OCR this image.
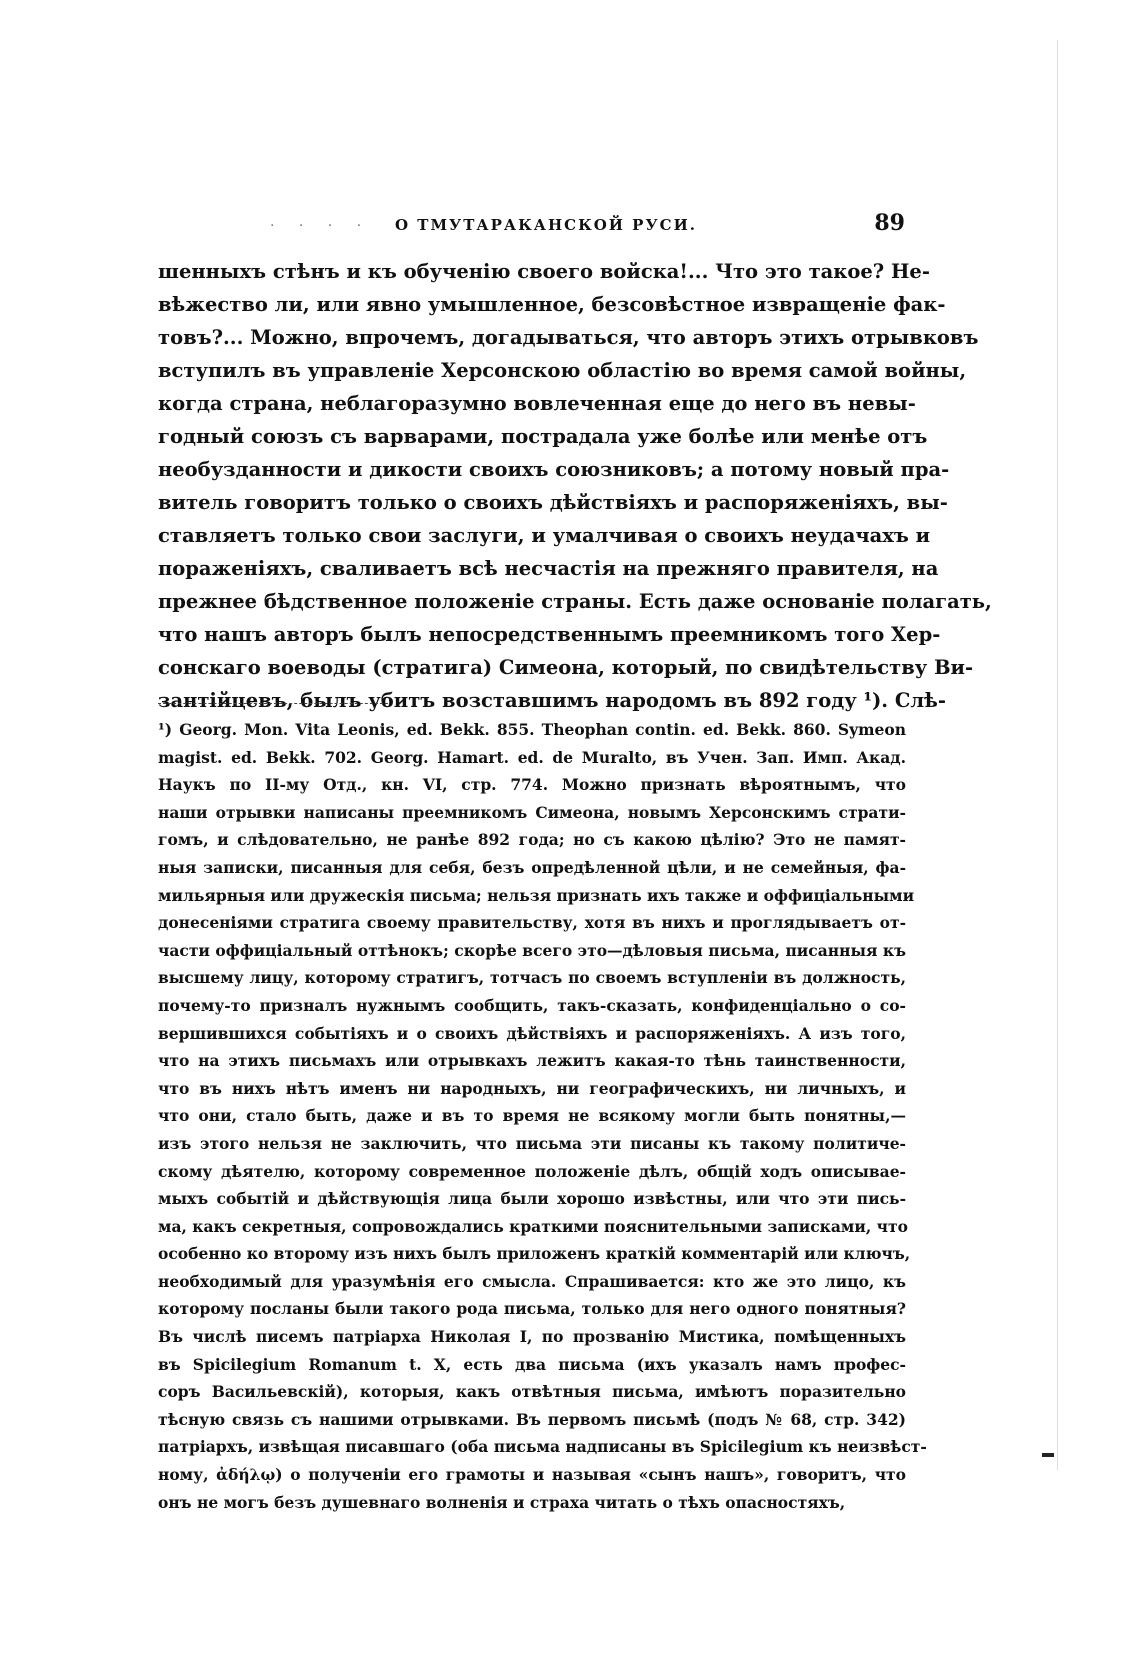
· · · · О ТМУТАРАКАНСКОЙ РУСИ.	89
шенныхъ стѣнъ и къ обученію своего войска!... Что это такое? Не-
вѣжество ли, или явно умышленное, безсовѣстное извращеніе фак-
товъ?... Можно, впрочемъ, догадываться, что авторъ этихъ отрывковъ
вступилъ въ управленіе Херсонскою областію во время самой войны,
когда страна, неблагоразумно вовлеченная еще до него въ невы-
годный союзъ съ варварами, пострадала уже болѣе или менѣе отъ
необузданности и дикости своихъ союзниковъ; а потому новый пра-
витель говоритъ только о своихъ дѣйствіяхъ и распоряженіяхъ, вы-
ставляетъ только свои заслуги, и умалчивая о своихъ неудачахъ и
пораженіяхъ, сваливаетъ всѣ несчастія на прежняго правителя, на
прежнее бѣдственное положеніе страны. Есть даже основаніе полагать,
что нашъ авторъ былъ непосредственнымъ преемникомъ того Хер-
сонскаго воеводы (стратига) Симеона, который, по свидѣтельству Ви-
зантійцевъ, былъ убитъ возставшимъ народомъ въ 892 году ¹). Слѣ-
¹) Georg. Mon. Vita Leonis, ed. Bekk. 855. Theophan contin. ed. Bekk. 860. Symeon
magist. ed. Bekk. 702. Georg. Hamart. ed. de Muralto, въ Учен. Зап. Имп. Акад.
Наукъ по II-му Отд., кн. VI, стр. 774. Можно признать вѣроятнымъ, что
наши отрывки написаны преемникомъ Симеона, новымъ Херсонскимъ страти-
гомъ, и слѣдовательно, не ранѣе 892 года; но съ какою цѣлію? Это не памят-
ныя записки, писанныя для себя, безъ опредѣленной цѣли, и не семейныя, фа-
мильярныя или дружескія письма; нельзя признать ихъ также и оффиціальными
донесеніями стратига своему правительству, хотя въ нихъ и проглядываетъ от-
части оффиціальный оттѣнокъ; скорѣе всего это—дѣловыя письма, писанныя къ
высшему лицу, которому стратигъ, тотчасъ по своемъ вступленіи въ должность,
почему-то призналъ нужнымъ сообщить, такъ-сказать, конфиденціально о со-
вершившихся событіяхъ и о своихъ дѣйствіяхъ и распоряженіяхъ. А изъ того,
что на этихъ письмахъ или отрывкахъ лежитъ какая-то тѣнь таинственности,
что въ нихъ нѣтъ именъ ни народныхъ, ни географическихъ, ни личныхъ, и
что они, стало быть, даже и въ то время не всякому могли быть понятны,—
изъ этого нельзя не заключить, что письма эти писаны къ такому политиче-
скому дѣятелю, которому современное положеніе дѣлъ, общій ходъ описывае-
мыхъ событій и дѣйствующія лица были хорошо извѣстны, или что эти пись-
ма, какъ секретныя, сопровождались краткими пояснительными записками, что
особенно ко второму изъ нихъ былъ приложенъ краткій комментарій или ключъ,
необходимый для уразумѣнія его смысла. Спрашивается: кто же это лицо, къ
которому посланы были такого рода письма, только для него одного понятныя?
Въ числѣ писемъ патріарха Николая I, по прозванію Мистика, помѣщенныхъ
въ Spicilegium Romanum t. X, есть два письма (ихъ указалъ намъ профес-
соръ Васильевскій), которыя, какъ отвѣтныя письма, имѣютъ поразительно
тѣсную связь съ нашими отрывками. Въ первомъ письмѣ (подъ № 68, стр. 342)
патріархъ, извѣщая писавшаго (оба письма надписаны въ Spicilegium къ неизвѣст-
ному, ἀδήλῳ) о полученіи его грамоты и называя «сынъ нашъ», говоритъ, что
онъ не могъ безъ душевнаго волненія и страха читать о тѣхъ опасностяхъ,
